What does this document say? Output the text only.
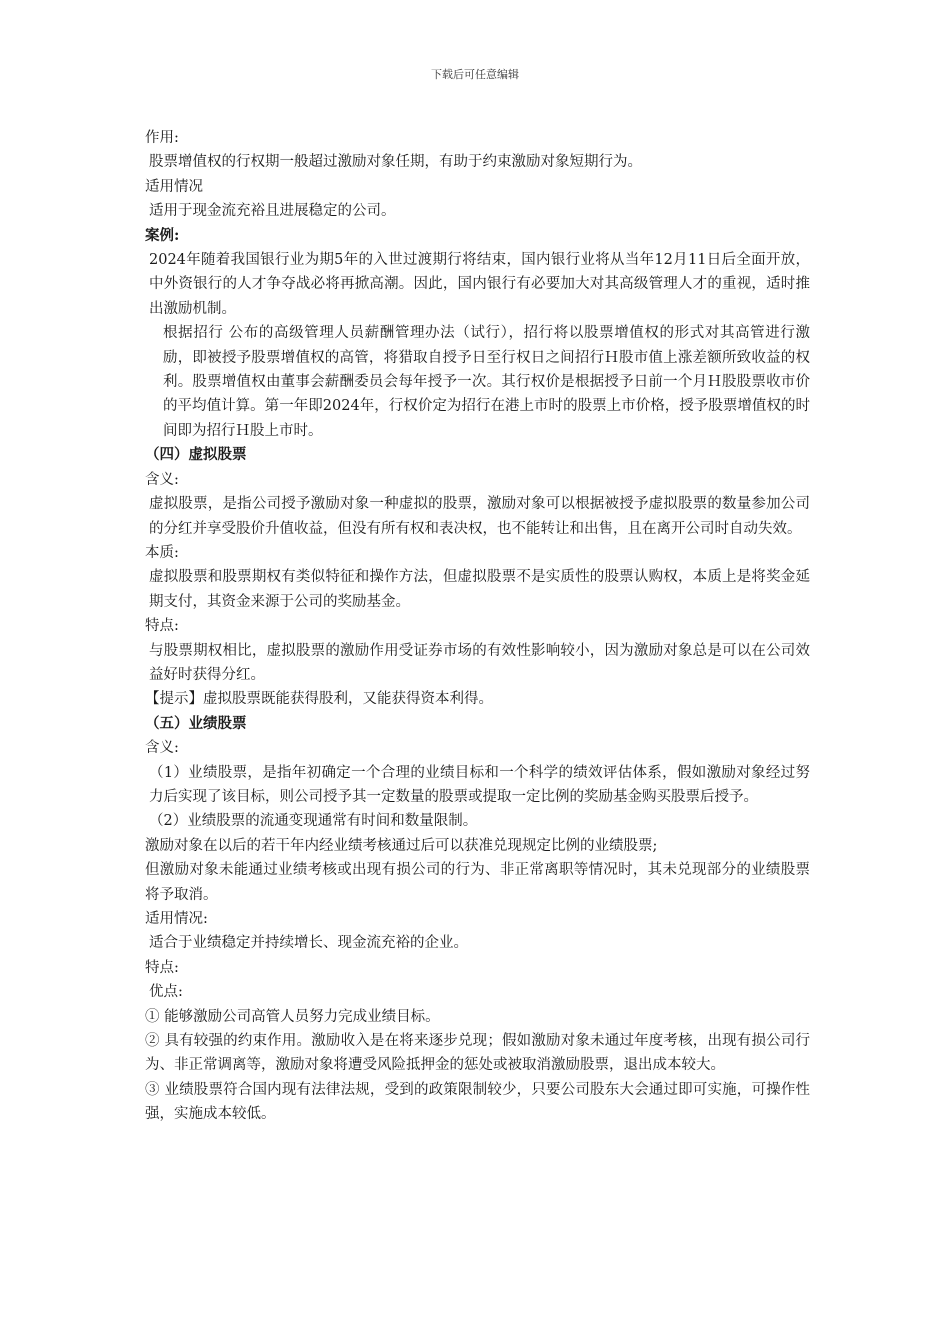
下载后可任意编辑

作用:

股票增值权的行权期一般超过激励对象任期，有助于约束激励对象短期行为。

适用情况

适用于现金流充裕且进展稳定的公司。

案例:

2024年随着我国银行业为期5年的入世过渡期行将结束，国内银行业将从当年12月11日后全面开放，中外资银行的人才争夺战必将再掀高潮。因此，国内银行有必要加大对其高级管理人才的重视，适时推出激励机制。

根据招行 公布的高级管理人员薪酬管理办法（试行），招行将以股票增值权的形式对其高管进行激励，即被授予股票增值权的高管，将猎取自授予日至行权日之间招行Ｈ股市值上涨差额所致收益的权利。股票增值权由董事会薪酬委员会每年授予一次。其行权价是根据授予日前一个月Ｈ股股票收市价的平均值计算。第一年即2024年，行权价定为招行在港上市时的股票上市价格，授予股票增值权的时间即为招行Ｈ股上市时。

（四）虚拟股票

含义:

虚拟股票，是指公司授予激励对象一种虚拟的股票，激励对象可以根据被授予虚拟股票的数量参加公司的分红并享受股价升值收益，但没有所有权和表决权，也不能转让和出售，且在离开公司时自动失效。

本质:

虚拟股票和股票期权有类似特征和操作方法，但虚拟股票不是实质性的股票认购权，本质上是将奖金延期支付，其资金来源于公司的奖励基金。

特点:

与股票期权相比，虚拟股票的激励作用受证券市场的有效性影响较小，因为激励对象总是可以在公司效益好时获得分红。

【提示】虚拟股票既能获得股利，又能获得资本利得。

（五）业绩股票

含义:

（1）业绩股票，是指年初确定一个合理的业绩目标和一个科学的绩效评估体系，假如激励对象经过努力后实现了该目标，则公司授予其一定数量的股票或提取一定比例的奖励基金购买股票后授予。

（2）业绩股票的流通变现通常有时间和数量限制。

激励对象在以后的若干年内经业绩考核通过后可以获准兑现规定比例的业绩股票;

但激励对象未能通过业绩考核或出现有损公司的行为、非正常离职等情况时，其未兑现部分的业绩股票将予取消。

适用情况:

适合于业绩稳定并持续增长、现金流充裕的企业。

特点:

优点:

① 能够激励公司高管人员努力完成业绩目标。

② 具有较强的约束作用。激励收入是在将来逐步兑现；假如激励对象未通过年度考核，出现有损公司行为、非正常调离等，激励对象将遭受风险抵押金的惩处或被取消激励股票，退出成本较大。

③ 业绩股票符合国内现有法律法规，受到的政策限制较少，只要公司股东大会通过即可实施，可操作性强，实施成本较低。
